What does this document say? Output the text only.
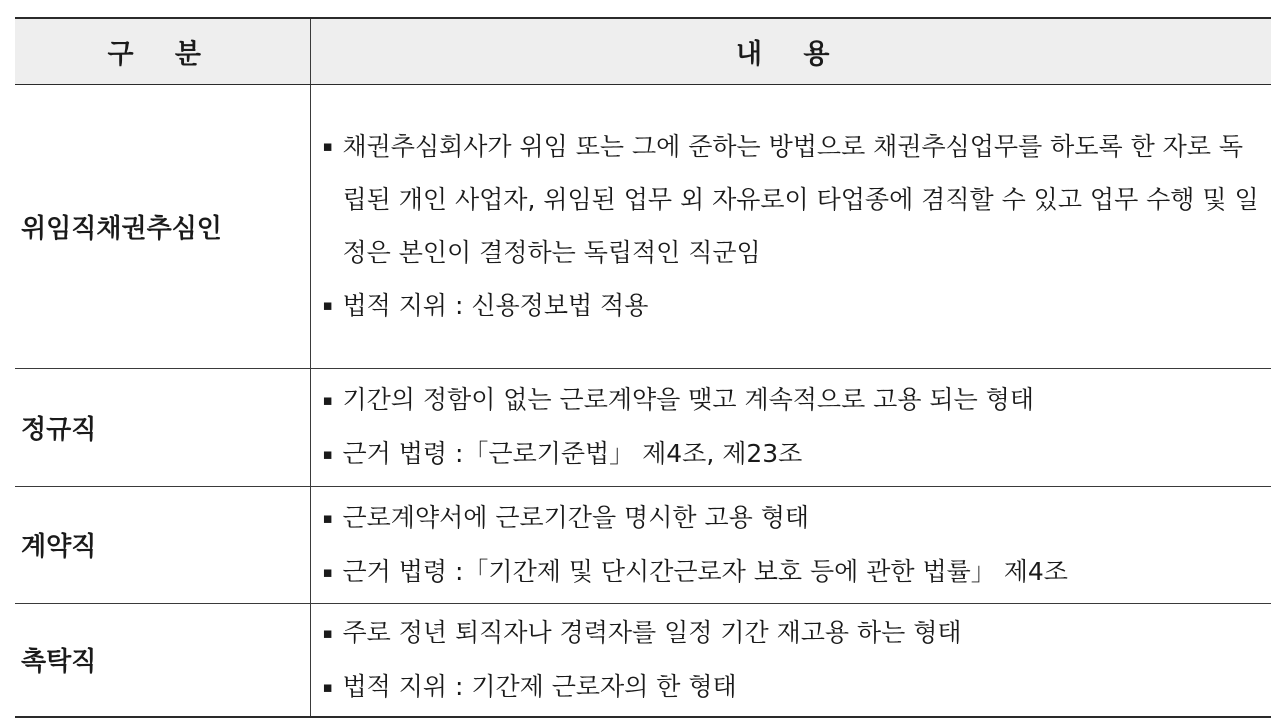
구 분	내 용
위임직채권추심인	▪ 채권추심회사가 위임 또는 그에 준하는 방법으로 채권추심업무를 하도록 한 자로 독립된 개인 사업자, 위임된 업무 외 자유로이 타업종에 겸직할 수 있고 업무 수행 및 일정은 본인이 결정하는 독립적인 직군임
▪ 법적 지위 : 신용정보법 적용

정규직	▪ 기간의 정함이 없는 근로계약을 맺고 계속적으로 고용 되는 형태
▪ 근거 법령 :「근로기준법」 제4조, 제23조

계약직	▪ 근로계약서에 근로기간을 명시한 고용 형태
▪ 근거 법령 :「기간제 및 단시간근로자 보호 등에 관한 법률」 제4조

촉탁직	▪ 주로 정년 퇴직자나 경력자를 일정 기간 재고용 하는 형태
▪ 법적 지위 : 기간제 근로자의 한 형태
